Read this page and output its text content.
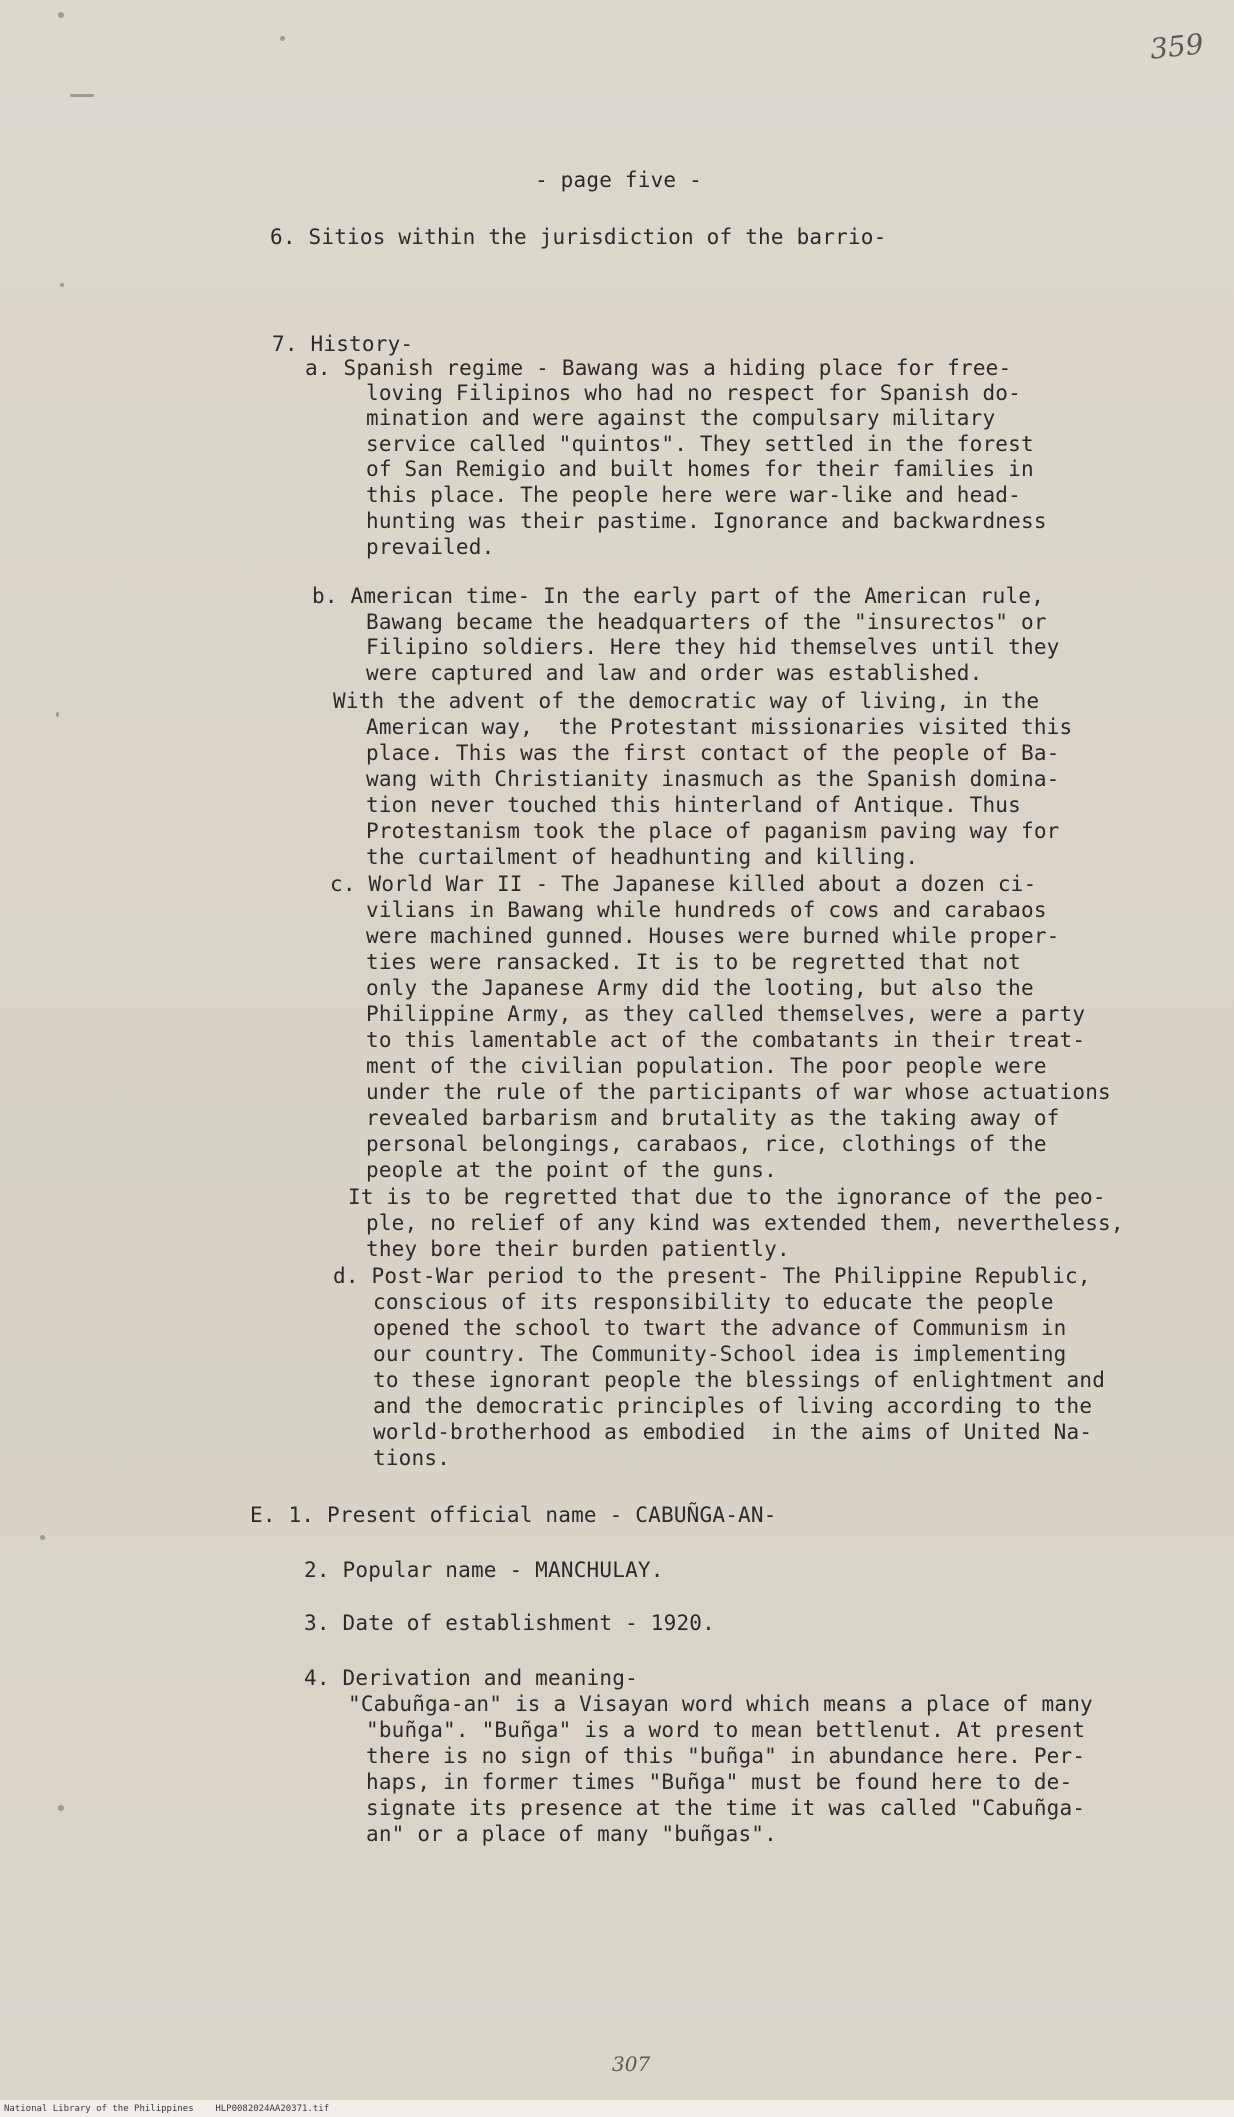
359
- page five -
6. Sitios within the jurisdiction of the barrio-
7. History-
a. Spanish regime - Bawang was a hiding place for free-
loving Filipinos who had no respect for Spanish do-
mination and were against the compulsary military
service called "quintos". They settled in the forest
of San Remigio and built homes for their families in
this place. The people here were war-like and head-
hunting was their pastime. Ignorance and backwardness
prevailed.
b. American time- In the early part of the American rule,
Bawang became the headquarters of the "insurectos" or
Filipino soldiers. Here they hid themselves until they
were captured and law and order was established.
With the advent of the democratic way of living, in the
American way,  the Protestant missionaries visited this
place. This was the first contact of the people of Ba-
wang with Christianity inasmuch as the Spanish domina-
tion never touched this hinterland of Antique. Thus
Protestanism took the place of paganism paving way for
the curtailment of headhunting and killing.
c. World War II - The Japanese killed about a dozen ci-
vilians in Bawang while hundreds of cows and carabaos
were machined gunned. Houses were burned while proper-
ties were ransacked. It is to be regretted that not
only the Japanese Army did the looting, but also the
Philippine Army, as they called themselves, were a party
to this lamentable act of the combatants in their treat-
ment of the civilian population. The poor people were
under the rule of the participants of war whose actuations
revealed barbarism and brutality as the taking away of
personal belongings, carabaos, rice, clothings of the
people at the point of the guns.
It is to be regretted that due to the ignorance of the peo-
ple, no relief of any kind was extended them, nevertheless,
they bore their burden patiently.
d. Post-War period to the present- The Philippine Republic,
conscious of its responsibility to educate the people
opened the school to twart the advance of Communism in
our country. The Community-School idea is implementing
to these ignorant people the blessings of enlightment and
and the democratic principles of living according to the
world-brotherhood as embodied  in the aims of United Na-
tions.
E. 1. Present official name - CABUÑGA-AN-
2. Popular name - MANCHULAY.
3. Date of establishment - 1920.
4. Derivation and meaning-
"Cabuñga-an" is a Visayan word which means a place of many
"buñga". "Buñga" is a word to mean bettlenut. At present
there is no sign of this "buñga" in abundance here. Per-
haps, in former times "Buñga" must be found here to de-
signate its presence at the time it was called "Cabuñga-
an" or a place of many "buñgas".
307
National Library of the Philippines    HLP0082024AA20371.tif
